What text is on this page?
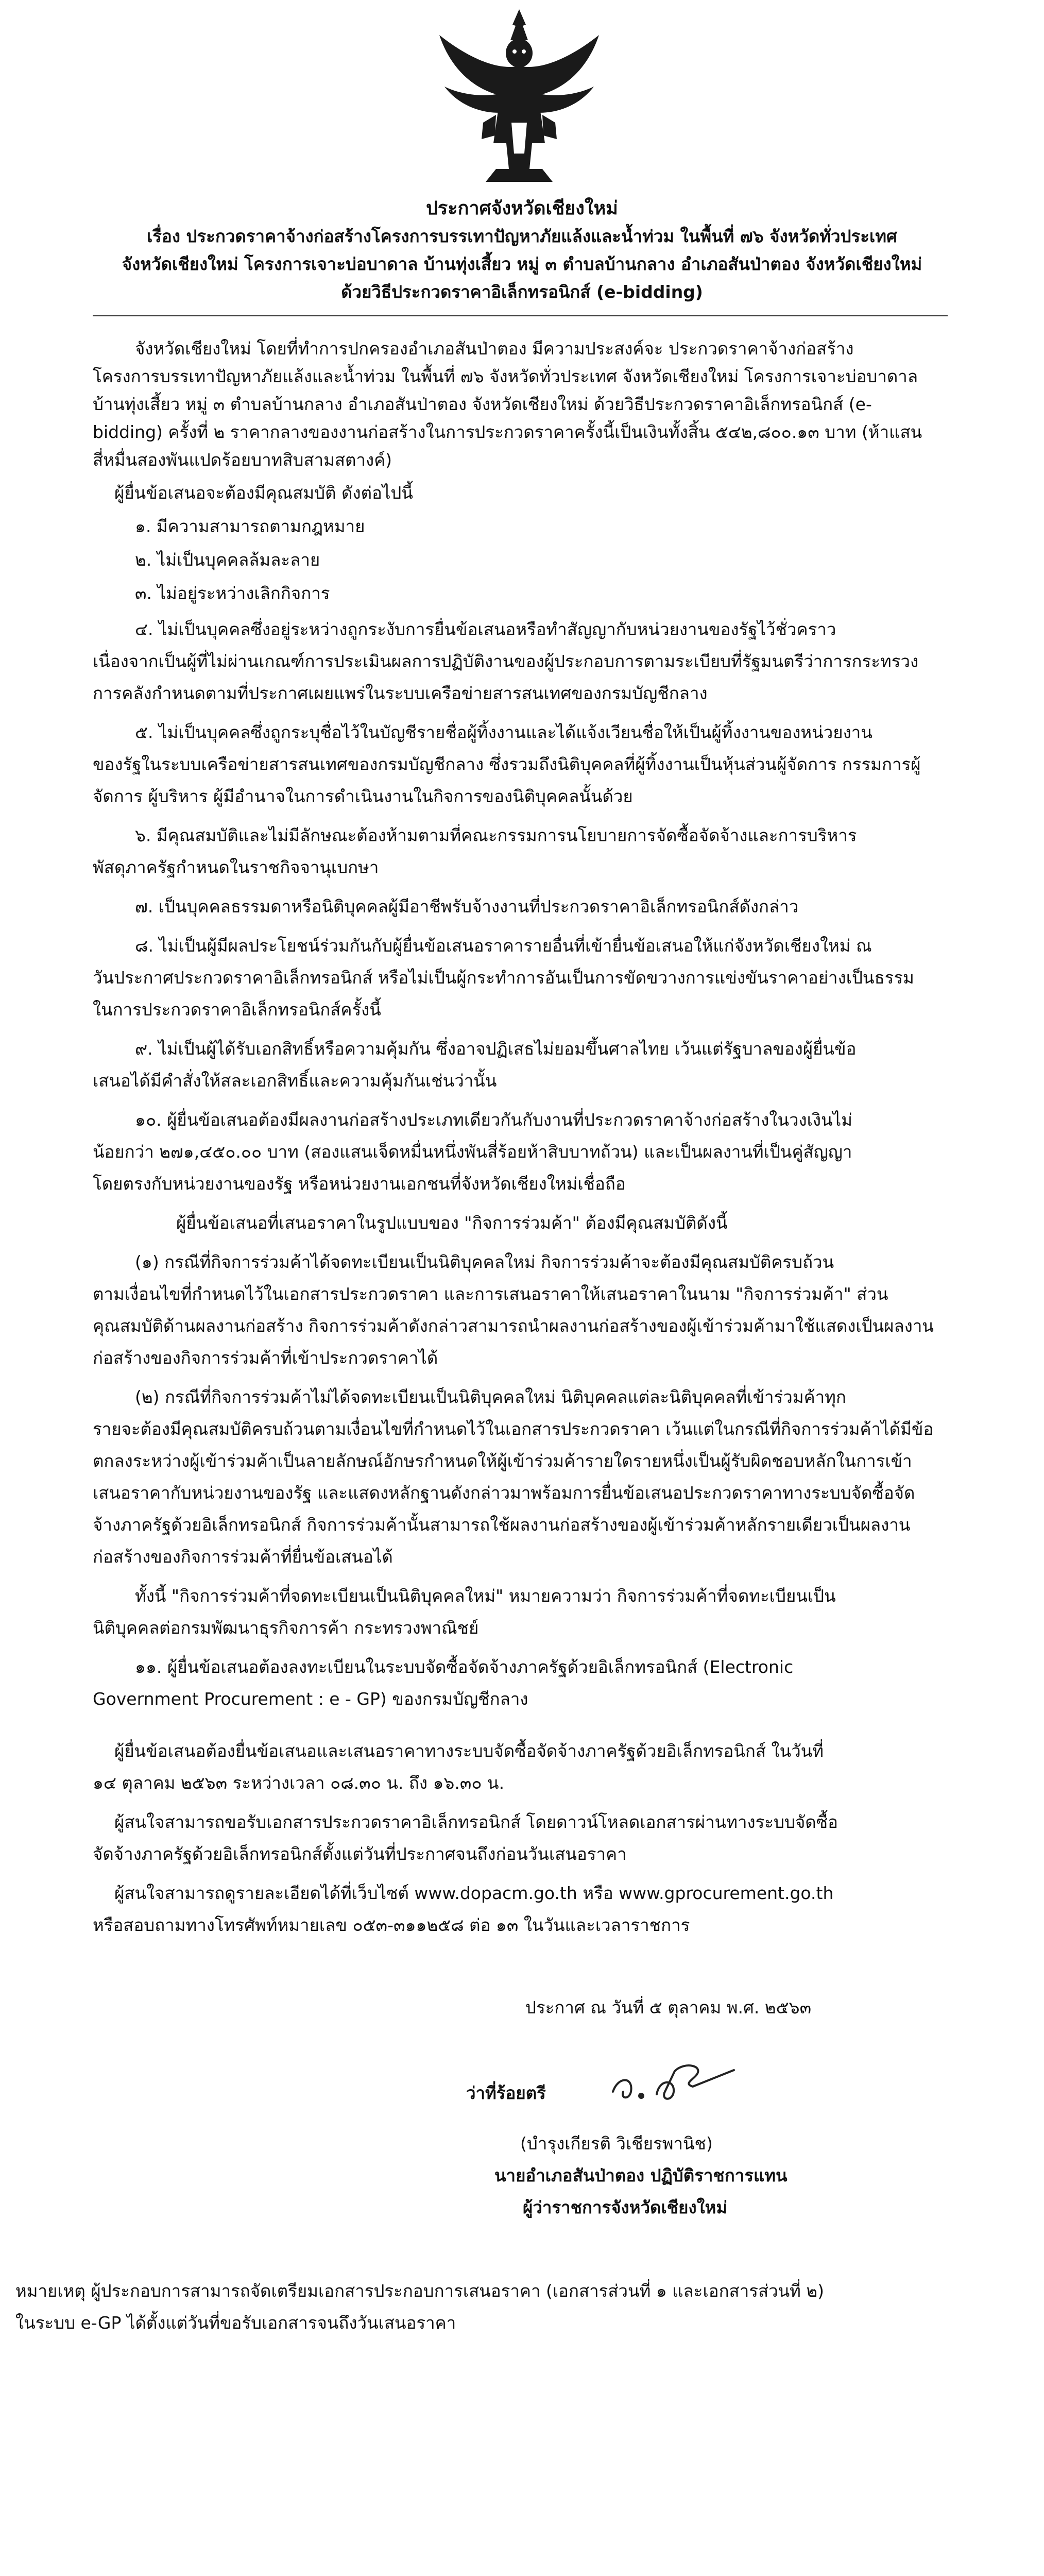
ประกาศจังหวัดเชียงใหม่
เรื่อง ประกวดราคาจ้างก่อสร้างโครงการบรรเทาปัญหาภัยแล้งและน้ำท่วม ในพื้นที่ ๗๖ จังหวัดทั่วประเทศ
จังหวัดเชียงใหม่ โครงการเจาะบ่อบาดาล บ้านทุ่งเสี้ยว หมู่ ๓ ตำบลบ้านกลาง อำเภอสันป่าตอง จังหวัดเชียงใหม่
ด้วยวิธีประกวดราคาอิเล็กทรอนิกส์ (e-bidding)
จังหวัดเชียงใหม่ โดยที่ทำการปกครองอำเภอสันป่าตอง มีความประสงค์จะ ประกวดราคาจ้างก่อสร้าง
โครงการบรรเทาปัญหาภัยแล้งและน้ำท่วม ในพื้นที่ ๗๖ จังหวัดทั่วประเทศ จังหวัดเชียงใหม่ โครงการเจาะบ่อบาดาล
บ้านทุ่งเสี้ยว หมู่ ๓ ตำบลบ้านกลาง อำเภอสันป่าตอง จังหวัดเชียงใหม่ ด้วยวิธีประกวดราคาอิเล็กทรอนิกส์ (e-
bidding) ครั้งที่ ๒ ราคากลางของงานก่อสร้างในการประกวดราคาครั้งนี้เป็นเงินทั้งสิ้น ๕๔๒,๘๐๐.๑๓ บาท (ห้าแสน
สี่หมื่นสองพันแปดร้อยบาทสิบสามสตางค์)
ผู้ยื่นข้อเสนอจะต้องมีคุณสมบัติ ดังต่อไปนี้
๑. มีความสามารถตามกฎหมาย
๒. ไม่เป็นบุคคลล้มละลาย
๓. ไม่อยู่ระหว่างเลิกกิจการ
๔. ไม่เป็นบุคคลซึ่งอยู่ระหว่างถูกระงับการยื่นข้อเสนอหรือทำสัญญากับหน่วยงานของรัฐไว้ชั่วคราว
เนื่องจากเป็นผู้ที่ไม่ผ่านเกณฑ์การประเมินผลการปฏิบัติงานของผู้ประกอบการตามระเบียบที่รัฐมนตรีว่าการกระทรวง
การคลังกำหนดตามที่ประกาศเผยแพร่ในระบบเครือข่ายสารสนเทศของกรมบัญชีกลาง
๕. ไม่เป็นบุคคลซึ่งถูกระบุชื่อไว้ในบัญชีรายชื่อผู้ทิ้งงานและได้แจ้งเวียนชื่อให้เป็นผู้ทิ้งงานของหน่วยงาน
ของรัฐในระบบเครือข่ายสารสนเทศของกรมบัญชีกลาง ซึ่งรวมถึงนิติบุคคลที่ผู้ทิ้งงานเป็นหุ้นส่วนผู้จัดการ กรรมการผู้
จัดการ ผู้บริหาร ผู้มีอำนาจในการดำเนินงานในกิจการของนิติบุคคลนั้นด้วย
๖. มีคุณสมบัติและไม่มีลักษณะต้องห้ามตามที่คณะกรรมการนโยบายการจัดซื้อจัดจ้างและการบริหาร
พัสดุภาครัฐกำหนดในราชกิจจานุเบกษา
๗. เป็นบุคคลธรรมดาหรือนิติบุคคลผู้มีอาชีพรับจ้างงานที่ประกวดราคาอิเล็กทรอนิกส์ดังกล่าว
๘. ไม่เป็นผู้มีผลประโยชน์ร่วมกันกับผู้ยื่นข้อเสนอราคารายอื่นที่เข้ายื่นข้อเสนอให้แก่จังหวัดเชียงใหม่ ณ
วันประกาศประกวดราคาอิเล็กทรอนิกส์ หรือไม่เป็นผู้กระทำการอันเป็นการขัดขวางการแข่งขันราคาอย่างเป็นธรรม
ในการประกวดราคาอิเล็กทรอนิกส์ครั้งนี้
๙. ไม่เป็นผู้ได้รับเอกสิทธิ์หรือความคุ้มกัน ซึ่งอาจปฏิเสธไม่ยอมขึ้นศาลไทย เว้นแต่รัฐบาลของผู้ยื่นข้อ
เสนอได้มีคำสั่งให้สละเอกสิทธิ์และความคุ้มกันเช่นว่านั้น
๑๐. ผู้ยื่นข้อเสนอต้องมีผลงานก่อสร้างประเภทเดียวกันกับงานที่ประกวดราคาจ้างก่อสร้างในวงเงินไม่
น้อยกว่า ๒๗๑,๔๕๐.๐๐ บาท (สองแสนเจ็ดหมื่นหนึ่งพันสี่ร้อยห้าสิบบาทถ้วน) และเป็นผลงานที่เป็นคู่สัญญา
โดยตรงกับหน่วยงานของรัฐ หรือหน่วยงานเอกชนที่จังหวัดเชียงใหม่เชื่อถือ
ผู้ยื่นข้อเสนอที่เสนอราคาในรูปแบบของ "กิจการร่วมค้า" ต้องมีคุณสมบัติดังนี้
(๑) กรณีที่กิจการร่วมค้าได้จดทะเบียนเป็นนิติบุคคลใหม่ กิจการร่วมค้าจะต้องมีคุณสมบัติครบถ้วน
ตามเงื่อนไขที่กำหนดไว้ในเอกสารประกวดราคา และการเสนอราคาให้เสนอราคาในนาม "กิจการร่วมค้า" ส่วน
คุณสมบัติด้านผลงานก่อสร้าง กิจการร่วมค้าดังกล่าวสามารถนำผลงานก่อสร้างของผู้เข้าร่วมค้ามาใช้แสดงเป็นผลงาน
ก่อสร้างของกิจการร่วมค้าที่เข้าประกวดราคาได้
(๒) กรณีที่กิจการร่วมค้าไม่ได้จดทะเบียนเป็นนิติบุคคลใหม่ นิติบุคคลแต่ละนิติบุคคลที่เข้าร่วมค้าทุก
รายจะต้องมีคุณสมบัติครบถ้วนตามเงื่อนไขที่กำหนดไว้ในเอกสารประกวดราคา เว้นแต่ในกรณีที่กิจการร่วมค้าได้มีข้อ
ตกลงระหว่างผู้เข้าร่วมค้าเป็นลายลักษณ์อักษรกำหนดให้ผู้เข้าร่วมค้ารายใดรายหนึ่งเป็นผู้รับผิดชอบหลักในการเข้า
เสนอราคากับหน่วยงานของรัฐ และแสดงหลักฐานดังกล่าวมาพร้อมการยื่นข้อเสนอประกวดราคาทางระบบจัดซื้อจัด
จ้างภาครัฐด้วยอิเล็กทรอนิกส์ กิจการร่วมค้านั้นสามารถใช้ผลงานก่อสร้างของผู้เข้าร่วมค้าหลักรายเดียวเป็นผลงาน
ก่อสร้างของกิจการร่วมค้าที่ยื่นข้อเสนอได้
ทั้งนี้ "กิจการร่วมค้าที่จดทะเบียนเป็นนิติบุคคลใหม่" หมายความว่า กิจการร่วมค้าที่จดทะเบียนเป็น
นิติบุคคลต่อกรมพัฒนาธุรกิจการค้า กระทรวงพาณิชย์
๑๑. ผู้ยื่นข้อเสนอต้องลงทะเบียนในระบบจัดซื้อจัดจ้างภาครัฐด้วยอิเล็กทรอนิกส์ (Electronic
Government Procurement : e - GP) ของกรมบัญชีกลาง
ผู้ยื่นข้อเสนอต้องยื่นข้อเสนอและเสนอราคาทางระบบจัดซื้อจัดจ้างภาครัฐด้วยอิเล็กทรอนิกส์ ในวันที่
๑๔ ตุลาคม ๒๕๖๓ ระหว่างเวลา ๐๘.๓๐ น. ถึง ๑๖.๓๐ น.
ผู้สนใจสามารถขอรับเอกสารประกวดราคาอิเล็กทรอนิกส์ โดยดาวน์โหลดเอกสารผ่านทางระบบจัดซื้อ
จัดจ้างภาครัฐด้วยอิเล็กทรอนิกส์ตั้งแต่วันที่ประกาศจนถึงก่อนวันเสนอราคา
ผู้สนใจสามารถดูรายละเอียดได้ที่เว็บไซต์ www.dopacm.go.th หรือ www.gprocurement.go.th
หรือสอบถามทางโทรศัพท์หมายเลข ๐๕๓-๓๑๑๒๕๘ ต่อ ๑๓ ในวันและเวลาราชการ
ประกาศ ณ วันที่ ๕ ตุลาคม พ.ศ. ๒๕๖๓
ว่าที่ร้อยตรี
(บำรุงเกียรติ วิเชียรพานิช)
นายอำเภอสันป่าตอง ปฏิบัติราชการแทน
ผู้ว่าราชการจังหวัดเชียงใหม่
หมายเหตุ ผู้ประกอบการสามารถจัดเตรียมเอกสารประกอบการเสนอราคา (เอกสารส่วนที่ ๑ และเอกสารส่วนที่ ๒)
ในระบบ e-GP ได้ตั้งแต่วันที่ขอรับเอกสารจนถึงวันเสนอราคา
